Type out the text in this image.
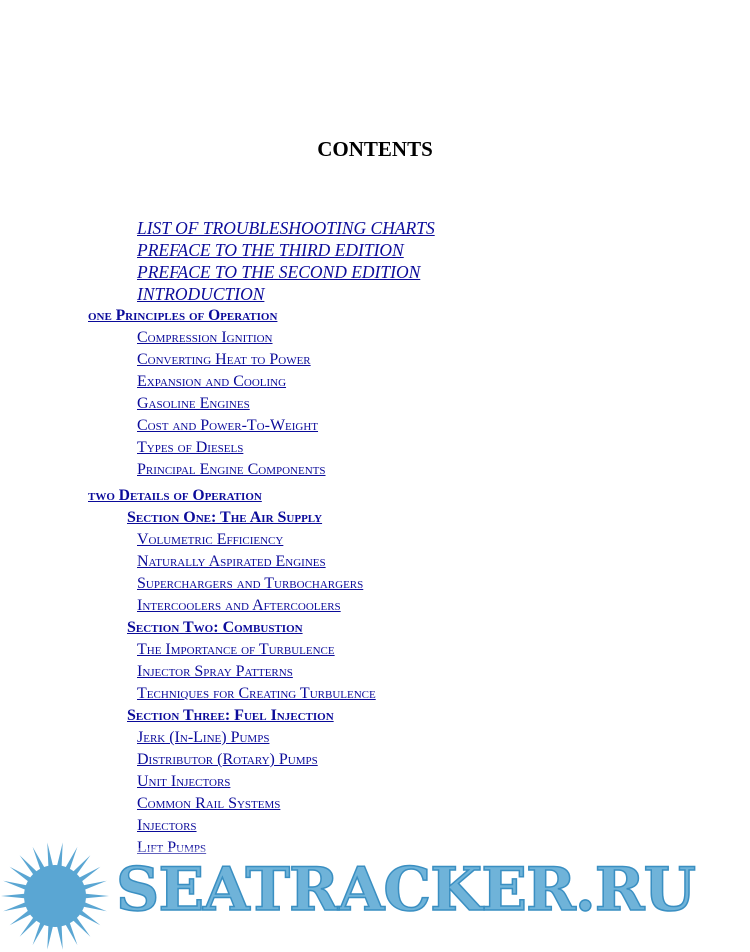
CONTENTS
LIST OF TROUBLESHOOTING CHARTS
PREFACE TO THE THIRD EDITION
PREFACE TO THE SECOND EDITION
INTRODUCTION
one Principles of Operation
Compression Ignition
Converting Heat to Power
Expansion and Cooling
Gasoline Engines
Cost and Power-To-Weight
Types of Diesels
Principal Engine Components
two Details of Operation
Section One: The Air Supply
Volumetric Efficiency
Naturally Aspirated Engines
Superchargers and Turbochargers
Intercoolers and Aftercoolers
Section Two: Combustion
The Importance of Turbulence
Injector Spray Patterns
Techniques for Creating Turbulence
Section Three: Fuel Injection
Jerk (In-Line) Pumps
Distributor (Rotary) Pumps
Unit Injectors
Common Rail Systems
Injectors
Lift Pumps
SEATRACKER.RU
